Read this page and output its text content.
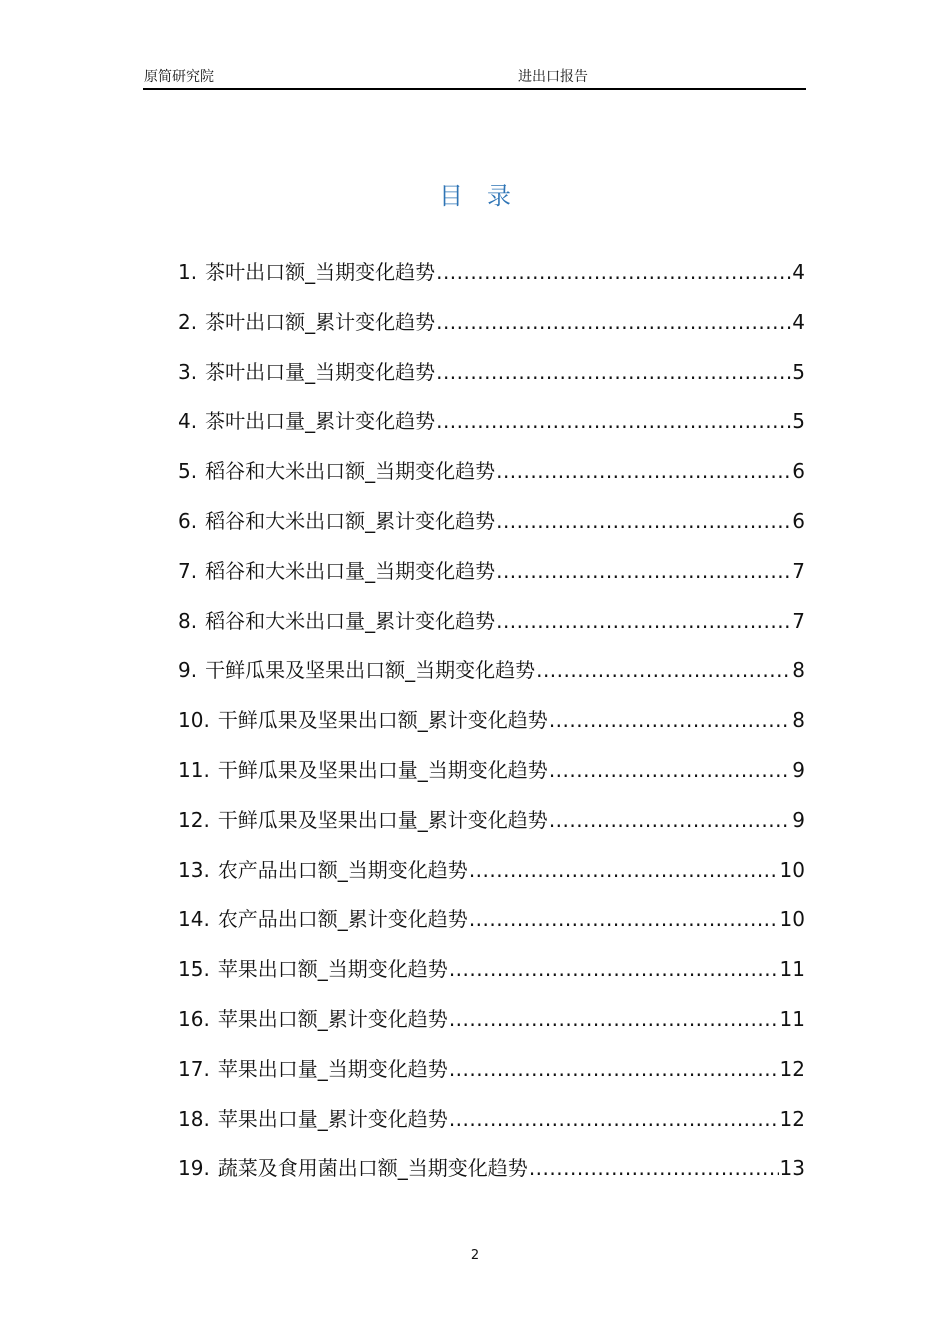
原简研究院	进出口报告
目　录
1. 茶叶出口额_当期变化趋势 .....	4
2. 茶叶出口额_累计变化趋势 .....	4
3. 茶叶出口量_当期变化趋势 .....	5
4. 茶叶出口量_累计变化趋势 .....	5
5. 稻谷和大米出口额_当期变化趋势 .....	6
6. 稻谷和大米出口额_累计变化趋势 .....	6
7. 稻谷和大米出口量_当期变化趋势 .....	7
8. 稻谷和大米出口量_累计变化趋势 .....	7
9. 干鲜瓜果及坚果出口额_当期变化趋势 .....	8
10. 干鲜瓜果及坚果出口额_累计变化趋势 .....	8
11. 干鲜瓜果及坚果出口量_当期变化趋势 .....	9
12. 干鲜瓜果及坚果出口量_累计变化趋势 .....	9
13. 农产品出口额_当期变化趋势 .....	10
14. 农产品出口额_累计变化趋势 .....	10
15. 苹果出口额_当期变化趋势 .....	11
16. 苹果出口额_累计变化趋势 .....	11
17. 苹果出口量_当期变化趋势 .....	12
18. 苹果出口量_累计变化趋势 .....	12
19. 蔬菜及食用菌出口额_当期变化趋势 .....	13
2
